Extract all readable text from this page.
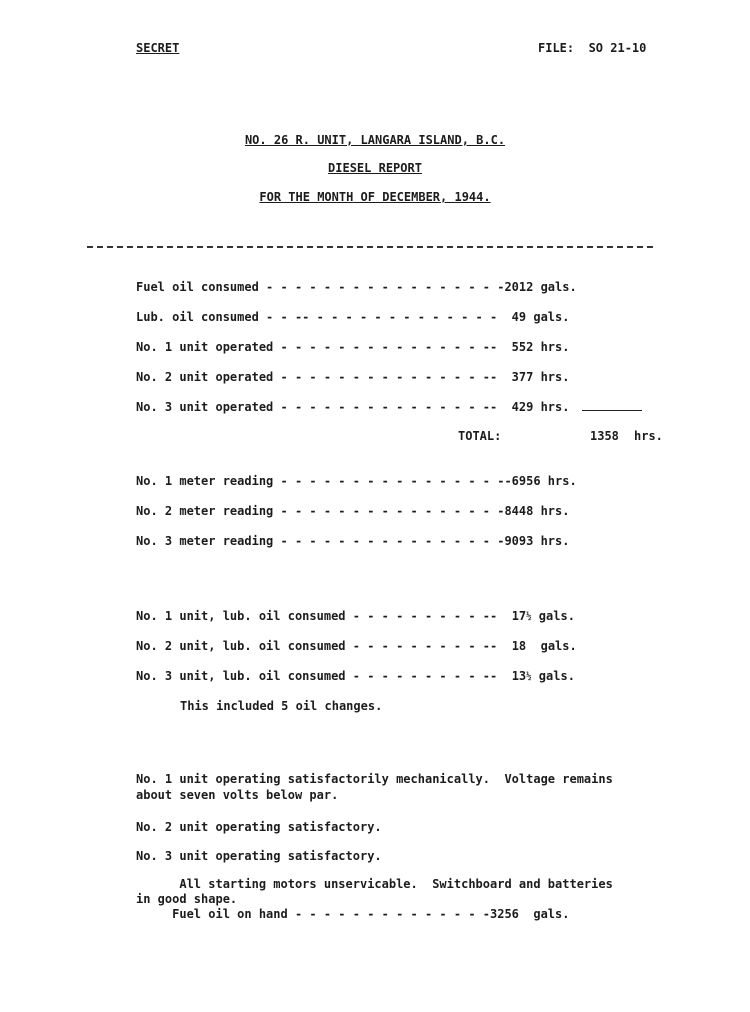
SECRET	FILE: SO 21-10
NO. 26 R. UNIT, LANGARA ISLAND, B.C.
DIESEL REPORT
FOR THE MONTH OF DECEMBER, 1944.
Fuel oil consumed - - - - - - - - - - - - - - - - -2012 gals.
Lub. oil consumed - - -- - - - - - - - - - - - - -  49 gals.
No. 1 unit operated - - - - - - - - - - - - - - --  552 hrs.
No. 2 unit operated - - - - - - - - - - - - - - --  377 hrs.
No. 3 unit operated - - - - - - - - - - - - - - --  429 hrs.
TOTAL:	1358 hrs.
No. 1 meter reading - - - - - - - - - - - - - - - --6956 hrs.
No. 2 meter reading - - - - - - - - - - - - - - - -8448 hrs.
No. 3 meter reading - - - - - - - - - - - - - - - -9093 hrs.
No. 1 unit, lub. oil consumed - - - - - - - - - -- 17½ gals.
No. 2 unit, lub. oil consumed - - - - - - - - - -- 18 gals.
No. 3 unit, lub. oil consumed - - - - - - - - - -- 13½ gals.
This included 5 oil changes.
No. 1 unit operating satisfactorily mechanically.  Voltage remains
about seven volts below par.
No. 2 unit operating satisfactory.
No. 3 unit operating satisfactory.
All starting motors unservicable.  Switchboard and batteries
in good shape.
Fuel oil on hand - - - - - - - - - - - - - -3256  gals.
